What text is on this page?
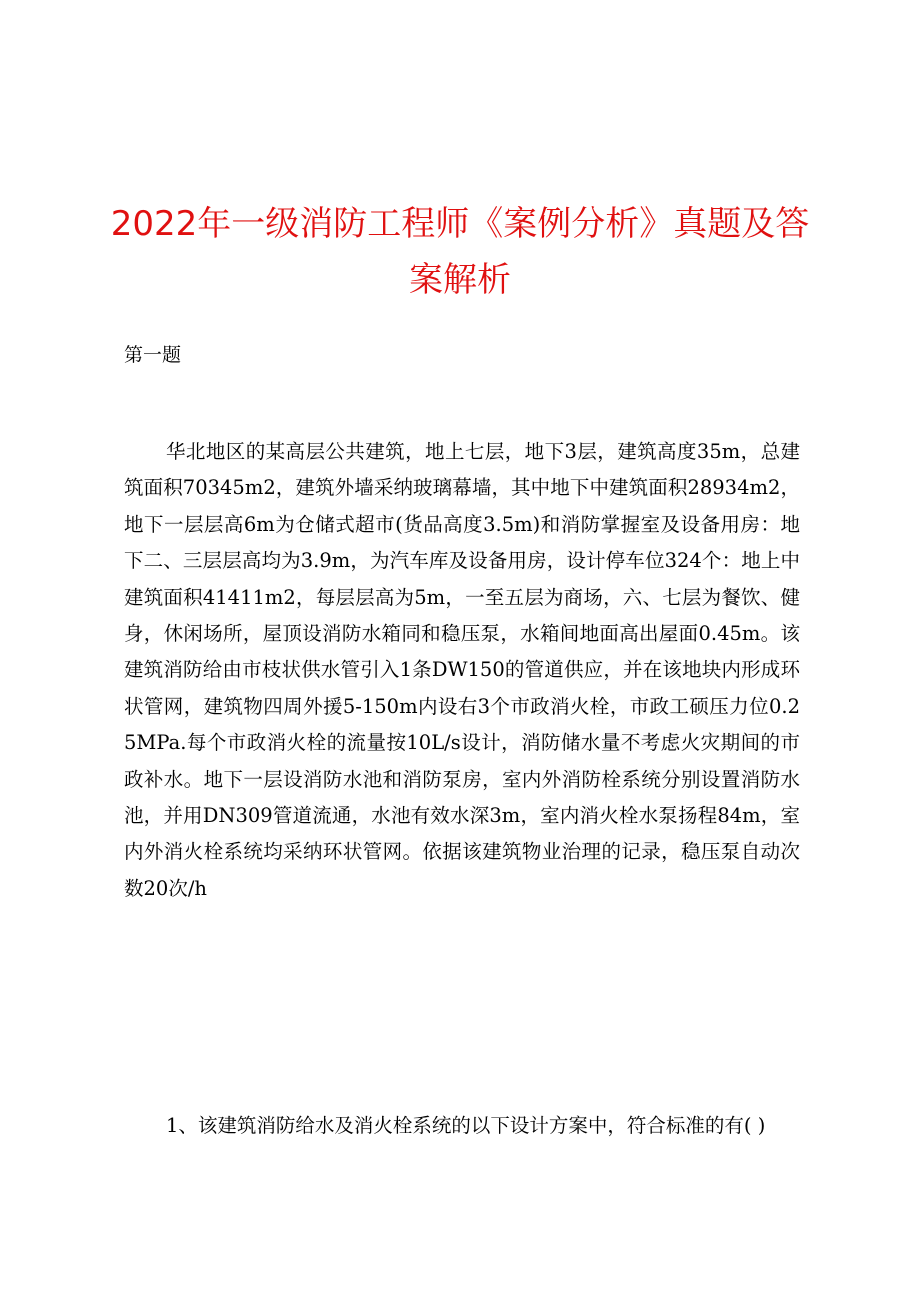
2022年一级消防工程师《案例分析》真题及答案解析

第一题

华北地区的某高层公共建筑，地上七层，地下3层，建筑高度35m，总建筑面积70345m2，建筑外墙采纳玻璃幕墙，其中地下中建筑面积28934m2，地下一层层高6m为仓储式超市(货品高度3.5m)和消防掌握室及设备用房：地下二、三层层高均为3.9m，为汽车库及设备用房，设计停车位324个：地上中建筑面积41411m2，每层层高为5m，一至五层为商场，六、七层为餐饮、健身，休闲场所，屋顶设消防水箱同和稳压泵，水箱间地面高出屋面0.45m。该建筑消防给由市枝状供水管引入1条DW150的管道供应，并在该地块内形成环状管网，建筑物四周外援5-150m内设右3个市政消火栓，市政工硕压力位0.25MPa.每个市政消火栓的流量按10L/s设计，消防储水量不考虑火灾期间的市政补水。地下一层设消防水池和消防泵房，室内外消防栓系统分别设置消防水池，并用DN309管道流通，水池有效水深3m，室内消火栓水泵扬程84m，室内外消火栓系统均采纳环状管网。依据该建筑物业治理的记录，稳压泵自动次数20次/h

1、该建筑消防给水及消火栓系统的以下设计方案中，符合标准的有( )
